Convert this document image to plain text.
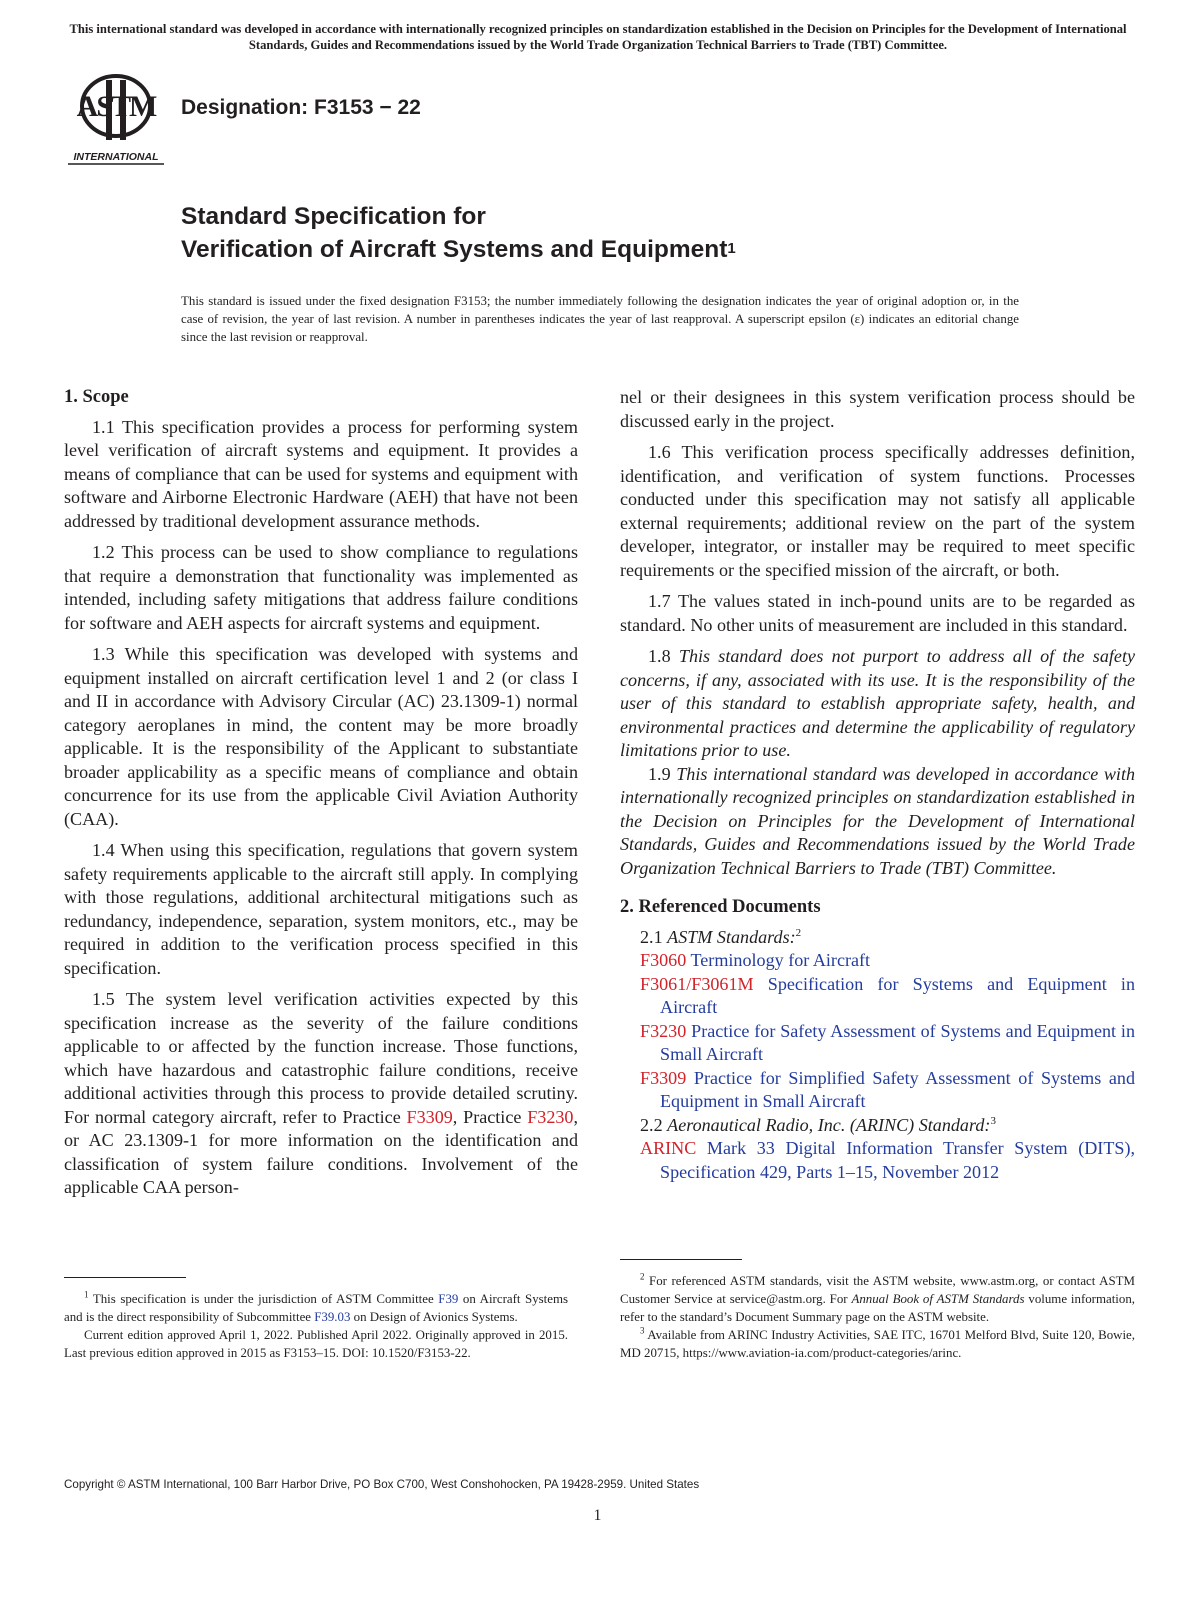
This international standard was developed in accordance with internationally recognized principles on standardization established in the Decision on Principles for the Development of International Standards, Guides and Recommendations issued by the World Trade Organization Technical Barriers to Trade (TBT) Committee.
ASTM
INTERNATIONAL
Designation: F3153 − 22
Standard Specification for
Verification of Aircraft Systems and Equipment$^1$
This standard is issued under the fixed designation F3153; the number immediately following the designation indicates the year of original adoption or, in the case of revision, the year of last revision. A number in parentheses indicates the year of last reapproval. A superscript epsilon (ε) indicates an editorial change since the last revision or reapproval.
1. Scope

1.1 This specification provides a process for performing system level verification of aircraft systems and equipment. It provides a means of compliance that can be used for systems and equipment with software and Airborne Electronic Hardware (AEH) that have not been addressed by traditional development assurance methods.

1.2 This process can be used to show compliance to regulations that require a demonstration that functionality was implemented as intended, including safety mitigations that address failure conditions for software and AEH aspects for aircraft systems and equipment.

1.3 While this specification was developed with systems and equipment installed on aircraft certification level 1 and 2 (or class I and II in accordance with Advisory Circular (AC) 23.1309-1) normal category aeroplanes in mind, the content may be more broadly applicable. It is the responsibility of the Applicant to substantiate broader applicability as a specific means of compliance and obtain concurrence for its use from the applicable Civil Aviation Authority (CAA).

1.4 When using this specification, regulations that govern system safety requirements applicable to the aircraft still apply. In complying with those regulations, additional architectural mitigations such as redundancy, independence, separation, system monitors, etc., may be required in addition to the verification process specified in this specification.

1.5 The system level verification activities expected by this specification increase as the severity of the failure conditions applicable to or affected by the function increase. Those functions, which have hazardous and catastrophic failure conditions, receive additional activities through this process to provide detailed scrutiny. For normal category aircraft, refer to Practice F3309, Practice F3230, or AC 23.1309-1 for more information on the identification and classification of system failure conditions. Involvement of the applicable CAA person-

nel or their designees in this system verification process should be discussed early in the project.

1.6 This verification process specifically addresses definition, identification, and verification of system functions. Processes conducted under this specification may not satisfy all applicable external requirements; additional review on the part of the system developer, integrator, or installer may be required to meet specific requirements or the specified mission of the aircraft, or both.

1.7 The values stated in inch-pound units are to be regarded as standard. No other units of measurement are included in this standard.

1.8 This standard does not purport to address all of the safety concerns, if any, associated with its use. It is the responsibility of the user of this standard to establish appropriate safety, health, and environmental practices and determine the applicability of regulatory limitations prior to use.

1.9 This international standard was developed in accordance with internationally recognized principles on standardization established in the Decision on Principles for the Development of International Standards, Guides and Recommendations issued by the World Trade Organization Technical Barriers to Trade (TBT) Committee.

2. Referenced Documents

2.1 ASTM Standards:$^2$

F3060 Terminology for Aircraft

F3061/F3061M Specification for Systems and Equipment in Aircraft

F3230 Practice for Safety Assessment of Systems and Equipment in Small Aircraft

F3309 Practice for Simplified Safety Assessment of Systems and Equipment in Small Aircraft

2.2 Aeronautical Radio, Inc. (ARINC) Standard:$^3$

ARINC Mark 33 Digital Information Transfer System (DITS), Specification 429, Parts 1–15, November 2012

$^1$ This specification is under the jurisdiction of ASTM Committee F39 on Aircraft Systems and is the direct responsibility of Subcommittee F39.03 on Design of Avionics Systems.

Current edition approved April 1, 2022. Published April 2022. Originally approved in 2015. Last previous edition approved in 2015 as F3153–15. DOI: 10.1520/F3153-22.

$^2$ For referenced ASTM standards, visit the ASTM website, www.astm.org, or contact ASTM Customer Service at service@astm.org. For Annual Book of ASTM Standards volume information, refer to the standard’s Document Summary page on the ASTM website.

$^3$ Available from ARINC Industry Activities, SAE ITC, 16701 Melford Blvd, Suite 120, Bowie, MD 20715, https://www.aviation-ia.com/product-categories/arinc.

Copyright © ASTM International, 100 Barr Harbor Drive, PO Box C700, West Conshohocken, PA 19428-2959. United States
1
